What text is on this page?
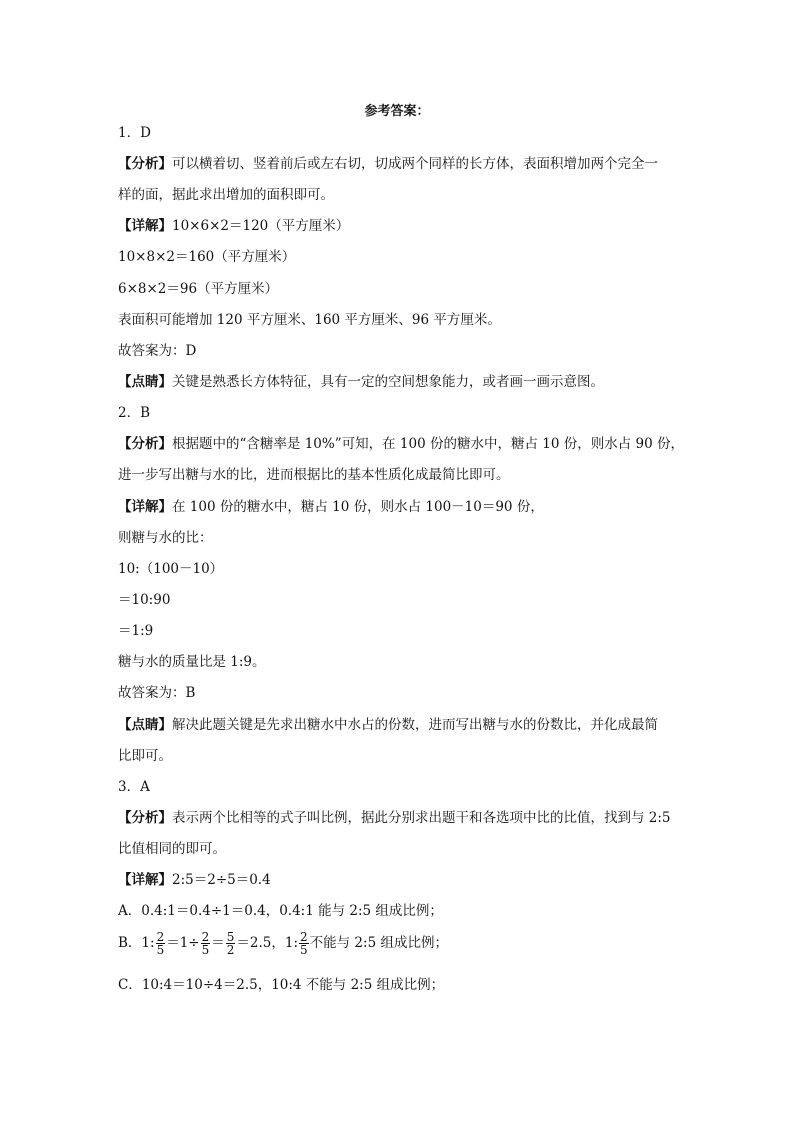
参考答案：
1．D
【分析】可以横着切、竖着前后或左右切，切成两个同样的长方体，表面积增加两个完全一
样的面，据此求出增加的面积即可。
【详解】10×6×2＝120（平方厘米）
10×8×2＝160（平方厘米）
6×8×2＝96（平方厘米）
表面积可能增加 120 平方厘米、160 平方厘米、96 平方厘米。
故答案为：D
【点睛】关键是熟悉长方体特征，具有一定的空间想象能力，或者画一画示意图。
2．B
【分析】根据题中的“含糖率是 10%”可知，在 100 份的糖水中，糖占 10 份，则水占 90 份，
进一步写出糖与水的比，进而根据比的基本性质化成最简比即可。
【详解】在 100 份的糖水中，糖占 10 份，则水占 100－10＝90 份，
则糖与水的比：
10:（100－10）
＝10:90
＝1:9
糖与水的质量比是 1:9。
故答案为：B
【点睛】解决此题关键是先求出糖水中水占的份数，进而写出糖与水的份数比，并化成最简
比即可。
3．A
【分析】表示两个比相等的式子叫比例，据此分别求出题干和各选项中比的比值，找到与 2:5
比值相同的即可。
【详解】2:5＝2÷5＝0.4
A．0.4:1＝0.4÷1＝0.4，0.4:1 能与 2:5 组成比例；
B．1: $\frac{2}{5} =1\div \frac{2}{5} = \frac{5}{2} =2.5$，1: $\frac{2}{5}$ 不能与 2:5 组成比例；
C．10:4＝10÷4＝2.5，10:4 不能与 2:5 组成比例；
